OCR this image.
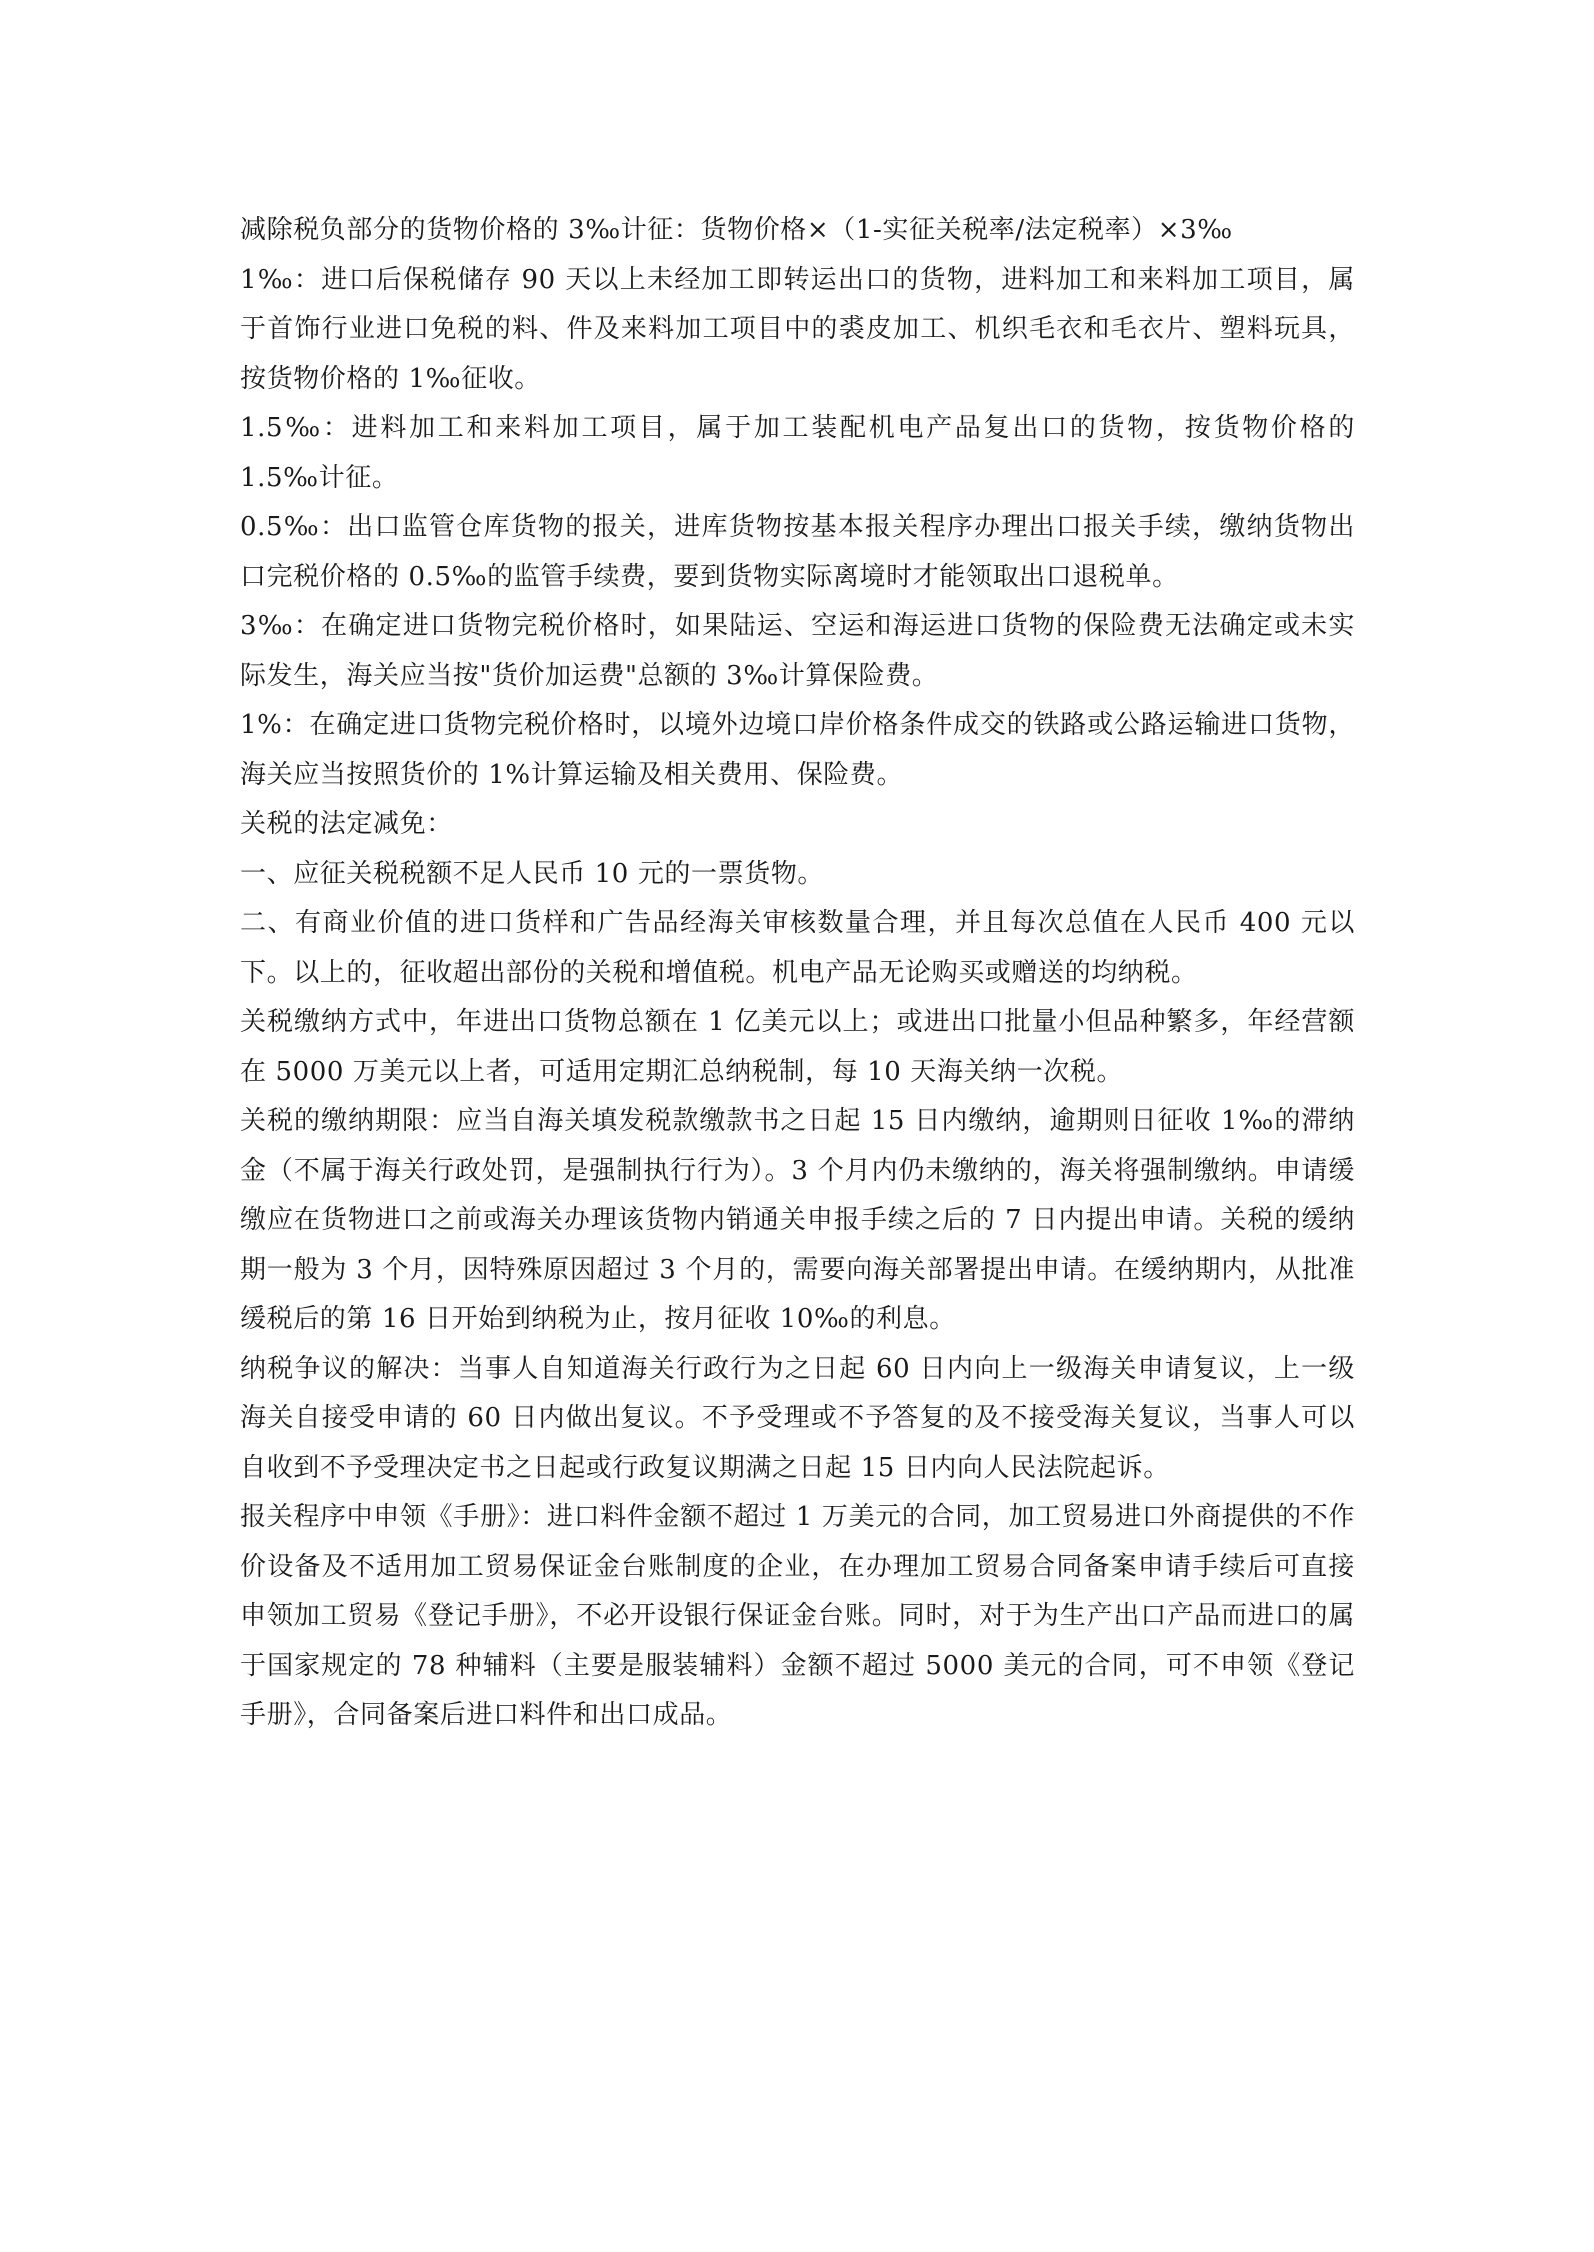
减除税负部分的货物价格的 3‰计征：货物价格×（1-实征关税率/法定税率）×3‰

1‰：进口后保税储存 90 天以上未经加工即转运出口的货物，进料加工和来料加工项目，属于首饰行业进口免税的料、件及来料加工项目中的裘皮加工、机织毛衣和毛衣片、塑料玩具，按货物价格的 1‰征收。

1.5‰：进料加工和来料加工项目，属于加工装配机电产品复出口的货物，按货物价格的 1.5‰计征。

0.5‰：出口监管仓库货物的报关，进库货物按基本报关程序办理出口报关手续，缴纳货物出口完税价格的 0.5‰的监管手续费，要到货物实际离境时才能领取出口退税单。

3‰：在确定进口货物完税价格时，如果陆运、空运和海运进口货物的保险费无法确定或未实际发生，海关应当按"货价加运费"总额的 3‰计算保险费。

1%：在确定进口货物完税价格时，以境外边境口岸价格条件成交的铁路或公路运输进口货物，海关应当按照货价的 1%计算运输及相关费用、保险费。

关税的法定减免：

一、应征关税税额不足人民币 10 元的一票货物。

二、有商业价值的进口货样和广告品经海关审核数量合理，并且每次总值在人民币 400 元以下。以上的，征收超出部份的关税和增值税。机电产品无论购买或赠送的均纳税。

关税缴纳方式中，年进出口货物总额在 1 亿美元以上；或进出口批量小但品种繁多，年经营额在 5000 万美元以上者，可适用定期汇总纳税制，每 10 天海关纳一次税。

关税的缴纳期限：应当自海关填发税款缴款书之日起 15 日内缴纳，逾期则日征收 1‰的滞纳金（不属于海关行政处罚，是强制执行行为）。3 个月内仍未缴纳的，海关将强制缴纳。申请缓缴应在货物进口之前或海关办理该货物内销通关申报手续之后的 7 日内提出申请。关税的缓纳期一般为 3 个月，因特殊原因超过 3 个月的，需要向海关部署提出申请。在缓纳期内，从批准缓税后的第 16 日开始到纳税为止，按月征收 10‰的利息。

纳税争议的解决：当事人自知道海关行政行为之日起 60 日内向上一级海关申请复议，上一级海关自接受申请的 60 日内做出复议。不予受理或不予答复的及不接受海关复议，当事人可以自收到不予受理决定书之日起或行政复议期满之日起 15 日内向人民法院起诉。

报关程序中申领《手册》：进口料件金额不超过 1 万美元的合同，加工贸易进口外商提供的不作价设备及不适用加工贸易保证金台账制度的企业，在办理加工贸易合同备案申请手续后可直接申领加工贸易《登记手册》，不必开设银行保证金台账。同时，对于为生产出口产品而进口的属于国家规定的 78 种辅料（主要是服装辅料）金额不超过 5000 美元的合同，可不申领《登记手册》，合同备案后进口料件和出口成品。
